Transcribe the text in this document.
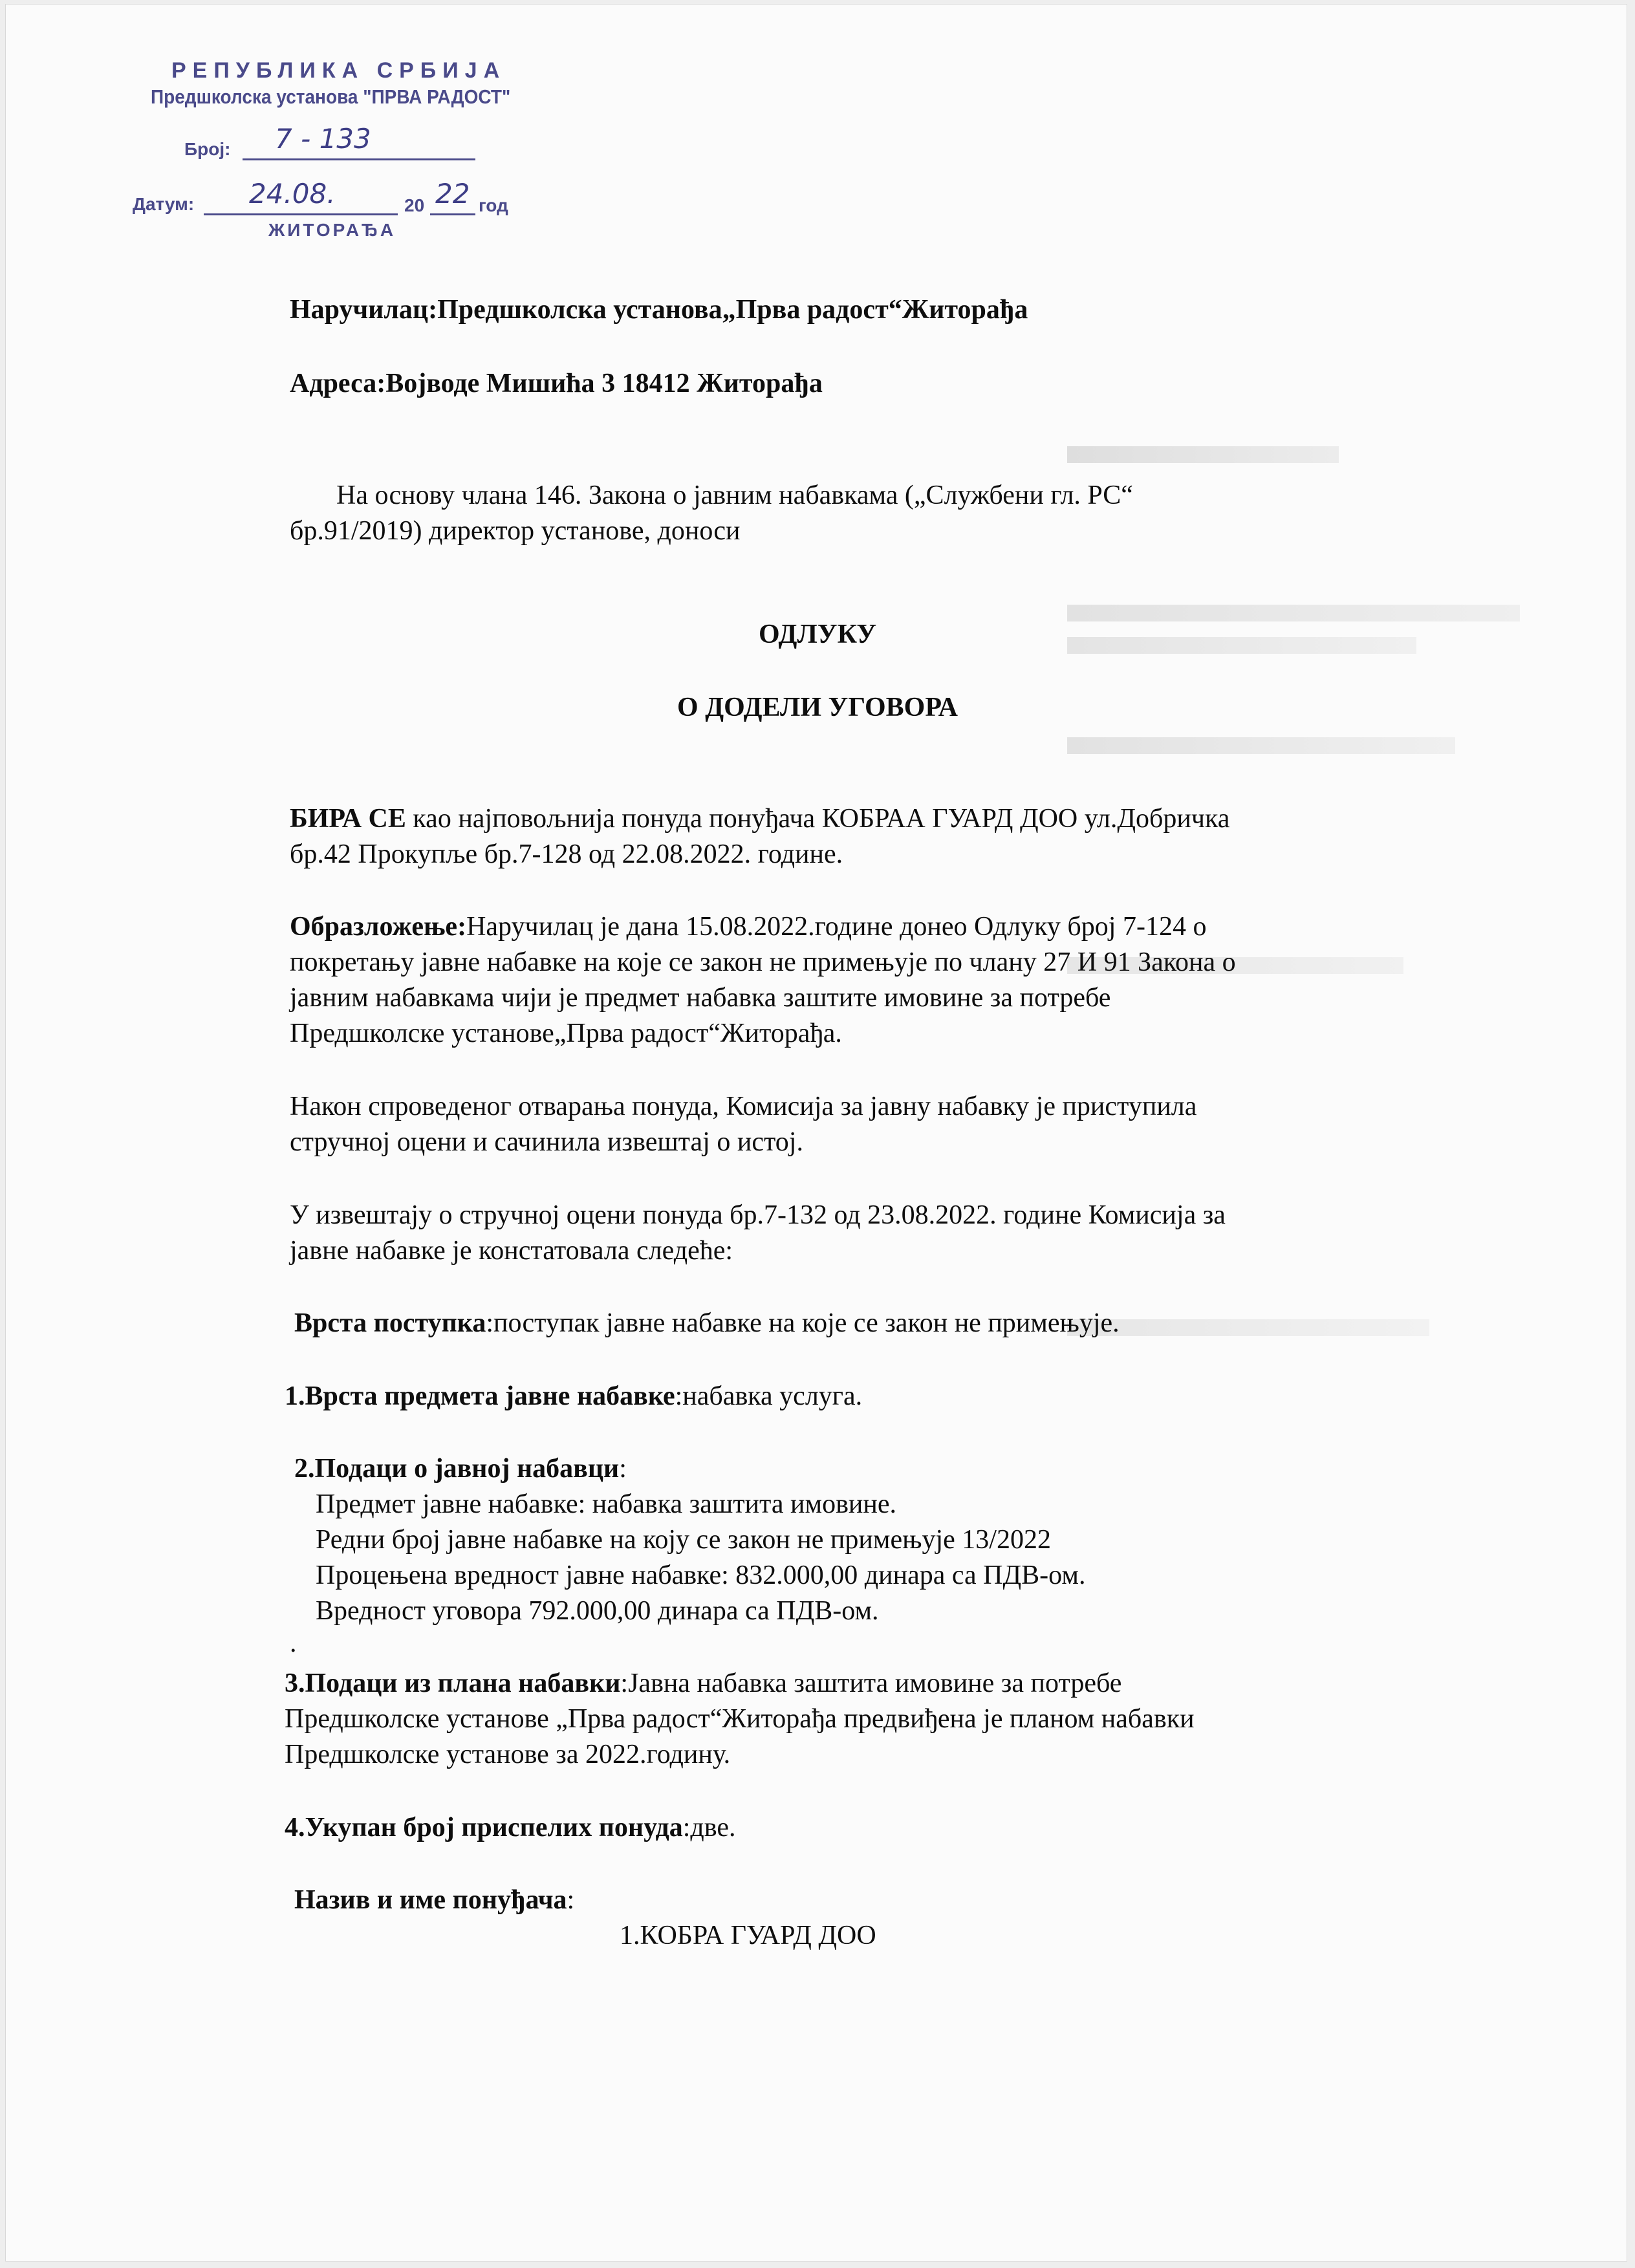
РЕПУБЛИКА СРБИЈА
Предшколска установа "ПРВА РАДОСТ"
Број: 7 - 133
Датум: 24.08.	20 22 год
ЖИТОРАЂА
Наручилац:Предшколска установа„Прва радост“Житорађа
Адреса:Војводе Мишића 3 18412 Житорађа
На основу члана 146. Закона о јавним набавкама („Службени гл. РС“
бр.91/2019) директор установе, доноси
ОДЛУКУ
О ДОДЕЛИ УГОВОРА
БИРА СЕ као најповољнија понуда понуђача КОБРАА ГУАРД ДОО ул.Добричка
бр.42 Прокупље бр.7-128 од 22.08.2022. године.
Образложење:Наручилац је дана 15.08.2022.године донео Одлуку број 7-124 о
покретању јавне набавке на које се закон не примењује по члану 27 И 91 Закона о
јавним набавкама чији је предмет набавка заштите имовине за потребе
Предшколске установе„Прва радост“Житорађа.
Након спроведеног отварања понуда, Комисија за јавну набавку је приступила
стручној оцени и сачинила извештај о истој.
У извештају о стручној оцени понуда бр.7-132 од 23.08.2022. године Комисија за
јавне набавке је констатовала следеће:
Врста поступка:поступак јавне набавке на које се закон не примењује.
1.Врста предмета јавне набавке:набавка услуга.
2.Подаци о јавној набавци:
Предмет јавне набавке: набавка заштита имовине.
Редни број јавне набавке на коју се закон не примењује 13/2022
Процењена вредност јавне набавке: 832.000,00 динара са ПДВ-ом.
Вредност уговора 792.000,00 динара са ПДВ-ом.
.
3.Подаци из плана набавки:Јавна набавка заштита имовине за потребе
Предшколске установе „Прва радост“Житорађа предвиђена је планом набавки
Предшколске установе за 2022.годину.
4.Укупан број приспелих понуда:две.
Назив и име понуђача:
1.КОБРА ГУАРД ДОО
